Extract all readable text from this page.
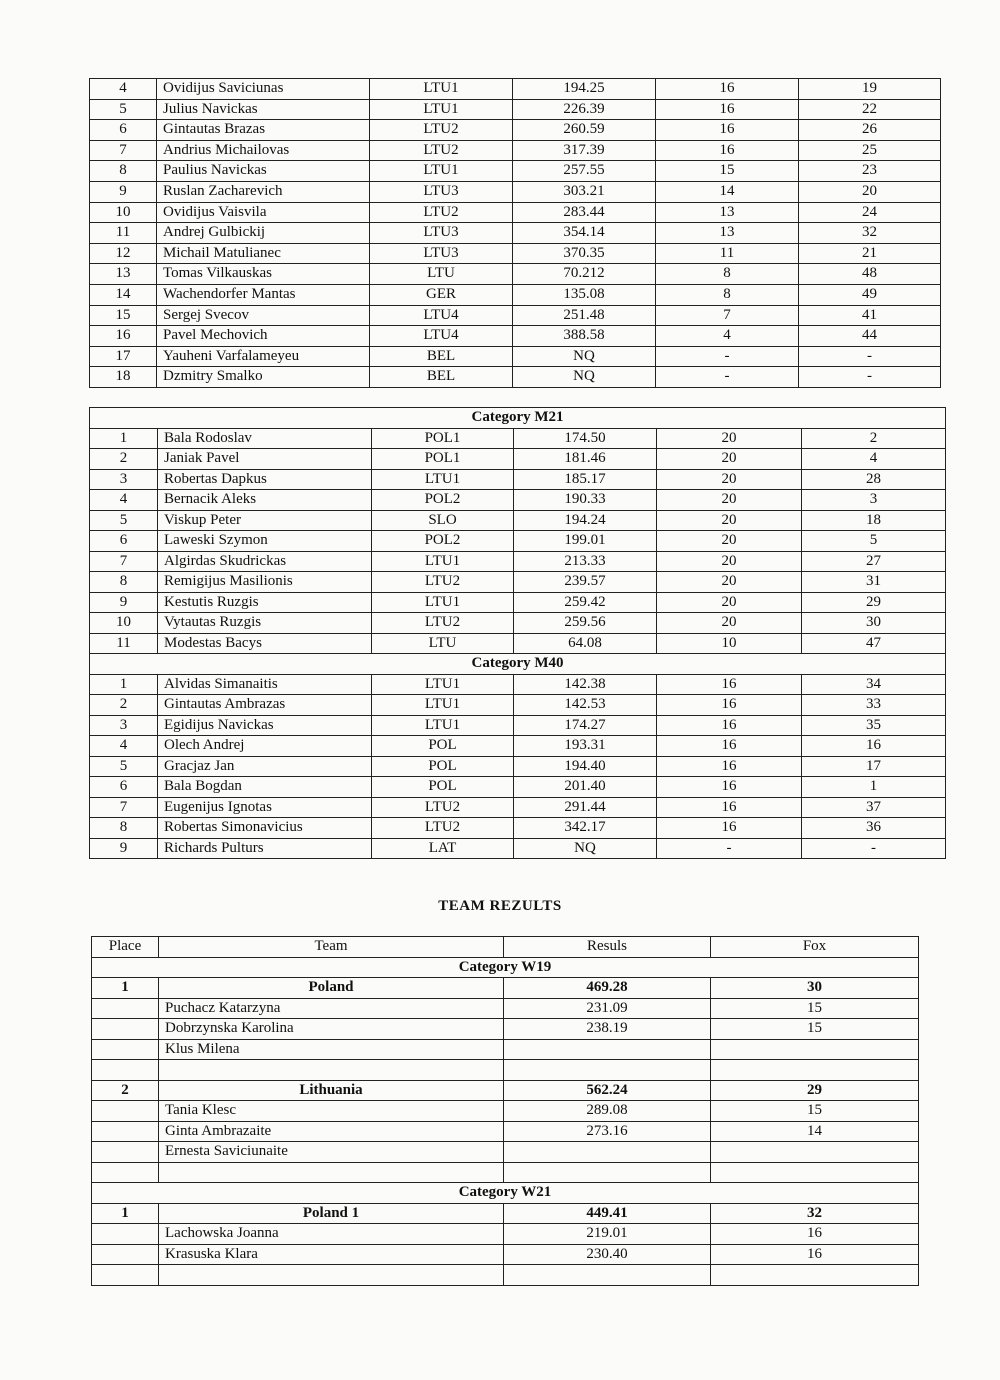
4	Ovidijus Saviciunas	LTU1	194.25	16	19
5	Julius Navickas	LTU1	226.39	16	22
6	Gintautas Brazas	LTU2	260.59	16	26
7	Andrius Michailovas	LTU2	317.39	16	25
8	Paulius Navickas	LTU1	257.55	15	23
9	Ruslan Zacharevich	LTU3	303.21	14	20
10	Ovidijus Vaisvila	LTU2	283.44	13	24
11	Andrej Gulbickij	LTU3	354.14	13	32
12	Michail Matulianec	LTU3	370.35	11	21
13	Tomas Vilkauskas	LTU	70.212	8	48
14	Wachendorfer Mantas	GER	135.08	8	49
15	Sergej Svecov	LTU4	251.48	7	41
16	Pavel Mechovich	LTU4	388.58	4	44
17	Yauheni Varfalameyeu	BEL	NQ	-	-
18	Dzmitry Smalko	BEL	NQ	-	-
Category M21					
1	Bala Rodoslav	POL1	174.50	20	2
2	Janiak Pavel	POL1	181.46	20	4
3	Robertas Dapkus	LTU1	185.17	20	28
4	Bernacik Aleks	POL2	190.33	20	3
5	Viskup Peter	SLO	194.24	20	18
6	Laweski Szymon	POL2	199.01	20	5
7	Algirdas Skudrickas	LTU1	213.33	20	27
8	Remigijus Masilionis	LTU2	239.57	20	31
9	Kestutis Ruzgis	LTU1	259.42	20	29
10	Vytautas Ruzgis	LTU2	259.56	20	30
11	Modestas Bacys	LTU	64.08	10	47
Category M40					
1	Alvidas Simanaitis	LTU1	142.38	16	34
2	Gintautas Ambrazas	LTU1	142.53	16	33
3	Egidijus Navickas	LTU1	174.27	16	35
4	Olech Andrej	POL	193.31	16	16
5	Gracjaz Jan	POL	194.40	16	17
6	Bala Bogdan	POL	201.40	16	1
7	Eugenijus Ignotas	LTU2	291.44	16	37
8	Robertas Simonavicius	LTU2	342.17	16	36
9	Richards Pulturs	LAT	NQ	-	-
TEAM REZULTS
Place	Team	Resuls	Fox
Category W19			
1	Poland	469.28	30
	Puchacz Katarzyna	231.09	15
	Dobrzynska Karolina	238.19	15
	Klus Milena		

2	Lithuania	562.24	29
	Tania Klesc	289.08	15
	Ginta Ambrazaite	273.16	14
	Ernesta Saviciunaite		

Category W21			
1	Poland 1	449.41	32
	Lachowska Joanna	219.01	16
	Krasuska Klara	230.40	16
